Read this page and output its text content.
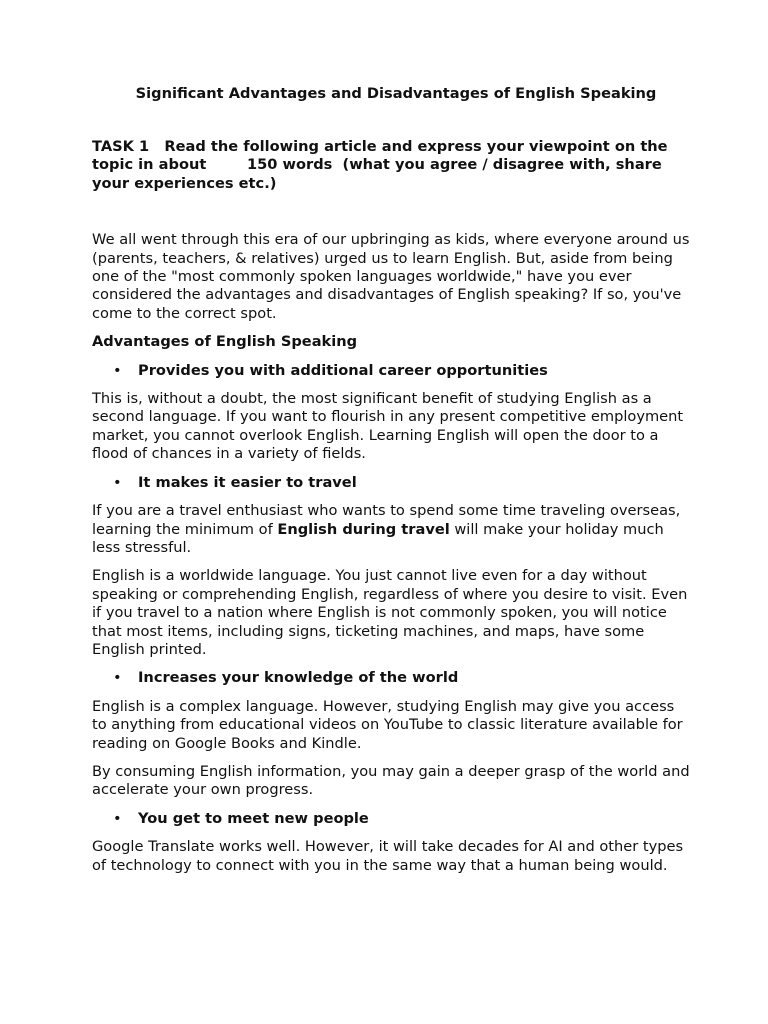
Significant Advantages and Disadvantages of English Speaking

TASK 1   Read the following article and express your viewpoint on the topic in about        150 words  (what you agree / disagree with, share your experiences etc.)

We all went through this era of our upbringing as kids, where everyone around us (parents, teachers, & relatives) urged us to learn English. But, aside from being one of the "most commonly spoken languages worldwide," have you ever considered the advantages and disadvantages of English speaking? If so, you've come to the correct spot.

Advantages of English Speaking

• Provides you with additional career opportunities

This is, without a doubt, the most significant benefit of studying English as a second language. If you want to flourish in any present competitive employment market, you cannot overlook English. Learning English will open the door to a flood of chances in a variety of fields.

• It makes it easier to travel

If you are a travel enthusiast who wants to spend some time traveling overseas, learning the minimum of English during travel will make your holiday much less stressful.

English is a worldwide language. You just cannot live even for a day without speaking or comprehending English, regardless of where you desire to visit. Even if you travel to a nation where English is not commonly spoken, you will notice that most items, including signs, ticketing machines, and maps, have some English printed.

• Increases your knowledge of the world

English is a complex language. However, studying English may give you access to anything from educational videos on YouTube to classic literature available for reading on Google Books and Kindle.

By consuming English information, you may gain a deeper grasp of the world and accelerate your own progress.

• You get to meet new people

Google Translate works well. However, it will take decades for AI and other types of technology to connect with you in the same way that a human being would.
